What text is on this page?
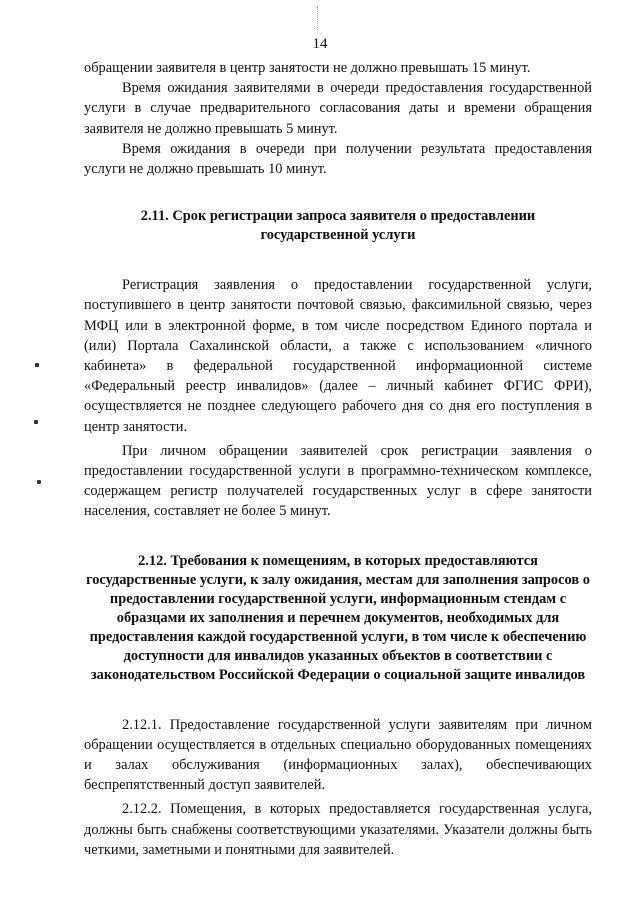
14

обращении заявителя в центр занятости не должно превышать 15 минут.

Время ожидания заявителями в очереди предоставления государственной услуги в случае предварительного согласования даты и времени обращения заявителя не должно превышать 5 минут.

Время ожидания в очереди при получении результата предоставления услуги не должно превышать 10 минут.

2.11. Срок регистрации запроса заявителя о предоставлении государственной услуги

Регистрация заявления о предоставлении государственной услуги, поступившего в центр занятости почтовой связью, факсимильной связью, через МФЦ или в электронной форме, в том числе посредством Единого портала и (или) Портала Сахалинской области, а также с использованием «личного кабинета» в федеральной государственной информационной системе «Федеральный реестр инвалидов» (далее – личный кабинет ФГИС ФРИ), осуществляется не позднее следующего рабочего дня со дня его поступления в центр занятости.

При личном обращении заявителей срок регистрации заявления о предоставлении государственной услуги в программно-техническом комплексе, содержащем регистр получателей государственных услуг в сфере занятости населения, составляет не более 5 минут.

2.12. Требования к помещениям, в которых предоставляются государственные услуги, к залу ожидания, местам для заполнения запросов о предоставлении государственной услуги, информационным стендам с образцами их заполнения и перечнем документов, необходимых для предоставления каждой государственной услуги, в том числе к обеспечению доступности для инвалидов указанных объектов в соответствии с законодательством Российской Федерации о социальной защите инвалидов

2.12.1. Предоставление государственной услуги заявителям при личном обращении осуществляется в отдельных специально оборудованных помещениях и залах обслуживания (информационных залах), обеспечивающих беспрепятственный доступ заявителей.

2.12.2. Помещения, в которых предоставляется государственная услуга, должны быть снабжены соответствующими указателями. Указатели должны быть четкими, заметными и понятными для заявителей.
